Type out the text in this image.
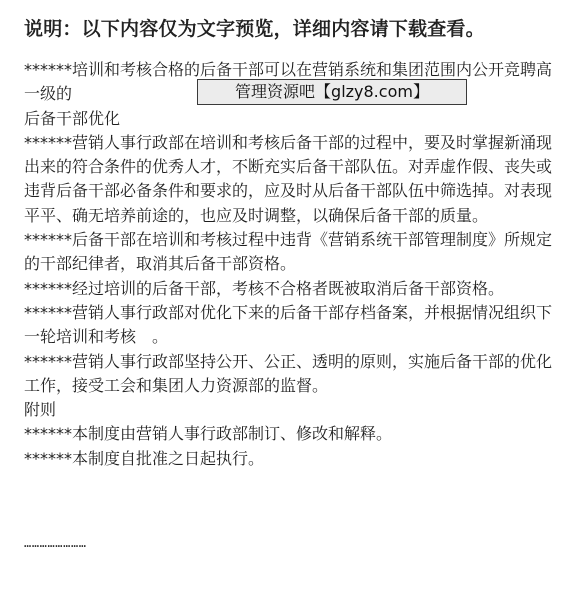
说明：以下内容仅为文字预览，详细内容请下载查看。

******培训和考核合格的后备干部可以在营销系统和集团范围内公开竞聘高一级的

后备干部优化

******营销人事行政部在培训和考核后备干部的过程中，要及时掌握新涌现出来的符合条件的优秀人才，不断充实后备干部队伍。对弄虚作假、丧失或违背后备干部必备条件和要求的，应及时从后备干部队伍中筛选掉。对表现平平、确无培养前途的，也应及时调整，以确保后备干部的质量。

******后备干部在培训和考核过程中违背《营销系统干部管理制度》所规定的干部纪律者，取消其后备干部资格。

******经过培训的后备干部，考核不合格者既被取消后备干部资格。

******营销人事行政部对优化下来的后备干部存档备案，并根据情况组织下一轮培训和考核　。

******营销人事行政部坚持公开、公正、透明的原则，实施后备干部的优化工作，接受工会和集团人力资源部的监督。

附则

******本制度由营销人事行政部制订、修改和解释。

******本制度自批准之日起执行。

管理资源吧【glzy8.com】
……………………
